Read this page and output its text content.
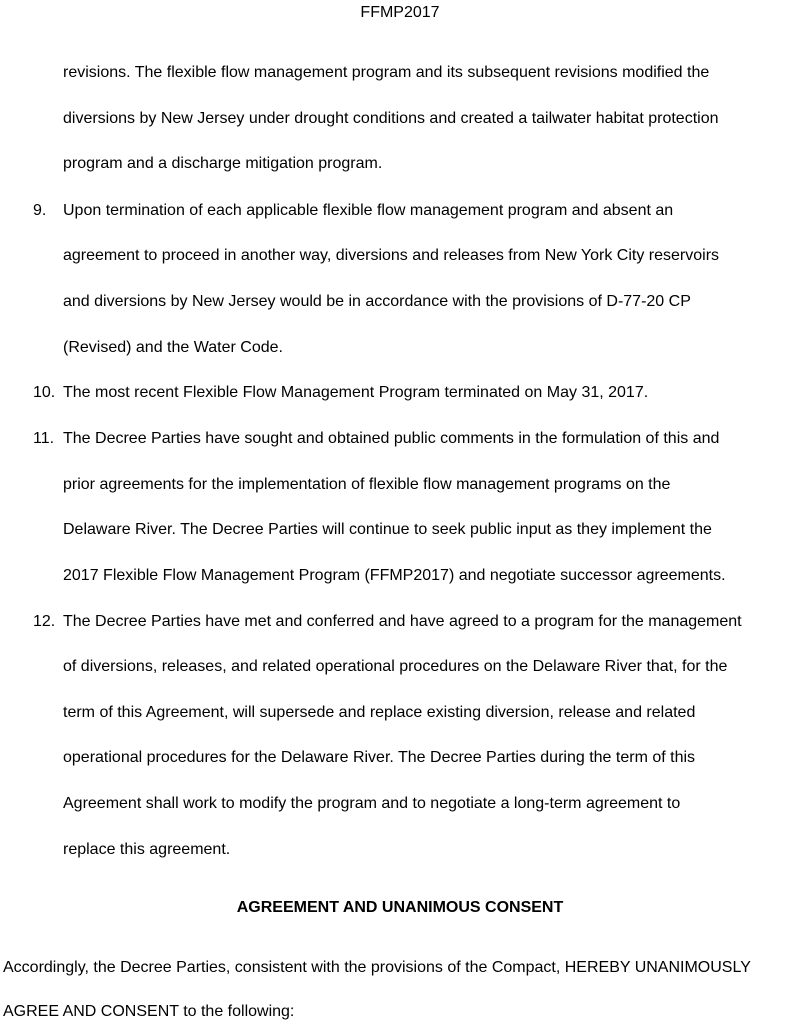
FFMP2017
revisions. The flexible flow management program and its subsequent revisions modified the
diversions by New Jersey under drought conditions and created a tailwater habitat protection
program and a discharge mitigation program.
9. Upon termination of each applicable flexible flow management program and absent an
agreement to proceed in another way, diversions and releases from New York City reservoirs
and diversions by New Jersey would be in accordance with the provisions of D-77-20 CP
(Revised) and the Water Code.
10. The most recent Flexible Flow Management Program terminated on May 31, 2017.
11. The Decree Parties have sought and obtained public comments in the formulation of this and
prior agreements for the implementation of flexible flow management programs on the
Delaware River. The Decree Parties will continue to seek public input as they implement the
2017 Flexible Flow Management Program (FFMP2017) and negotiate successor agreements.
12. The Decree Parties have met and conferred and have agreed to a program for the management
of diversions, releases, and related operational procedures on the Delaware River that, for the
term of this Agreement, will supersede and replace existing diversion, release and related
operational procedures for the Delaware River. The Decree Parties during the term of this
Agreement shall work to modify the program and to negotiate a long-term agreement to
replace this agreement.
AGREEMENT AND UNANIMOUS CONSENT
Accordingly, the Decree Parties, consistent with the provisions of the Compact, HEREBY UNANIMOUSLY
AGREE AND CONSENT to the following:
